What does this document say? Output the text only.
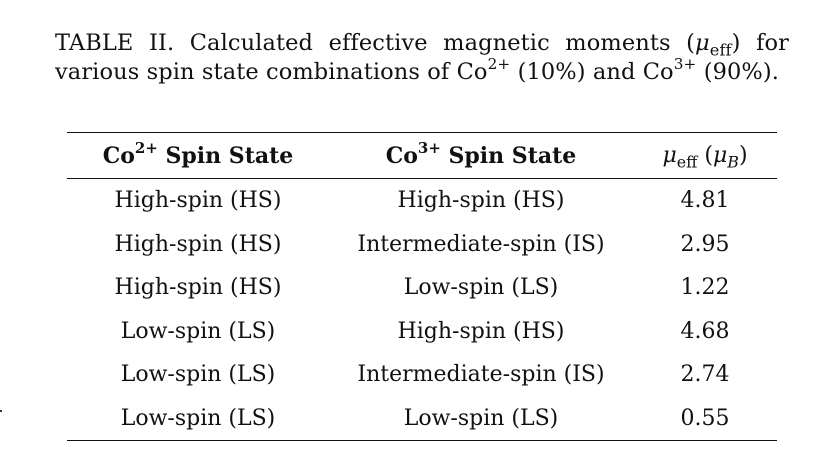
TABLE II. Calculated effective magnetic moments $(\mu_{eff})$ for various spin state combinations of $Co^{2+}$ (10%) and $Co^{3+}$ (90%).
$Co^{2+}$ Spin State	$Co^{3+}$ Spin State	$\mu_{eff}$ $(\mu_B)$
High-spin (HS)	High-spin (HS)	4.81
High-spin (HS)	Intermediate-spin (IS)	2.95
High-spin (HS)	Low-spin (LS)	1.22
Low-spin (LS)	High-spin (HS)	4.68
Low-spin (LS)	Intermediate-spin (IS)	2.74
Low-spin (LS)	Low-spin (LS)	0.55
